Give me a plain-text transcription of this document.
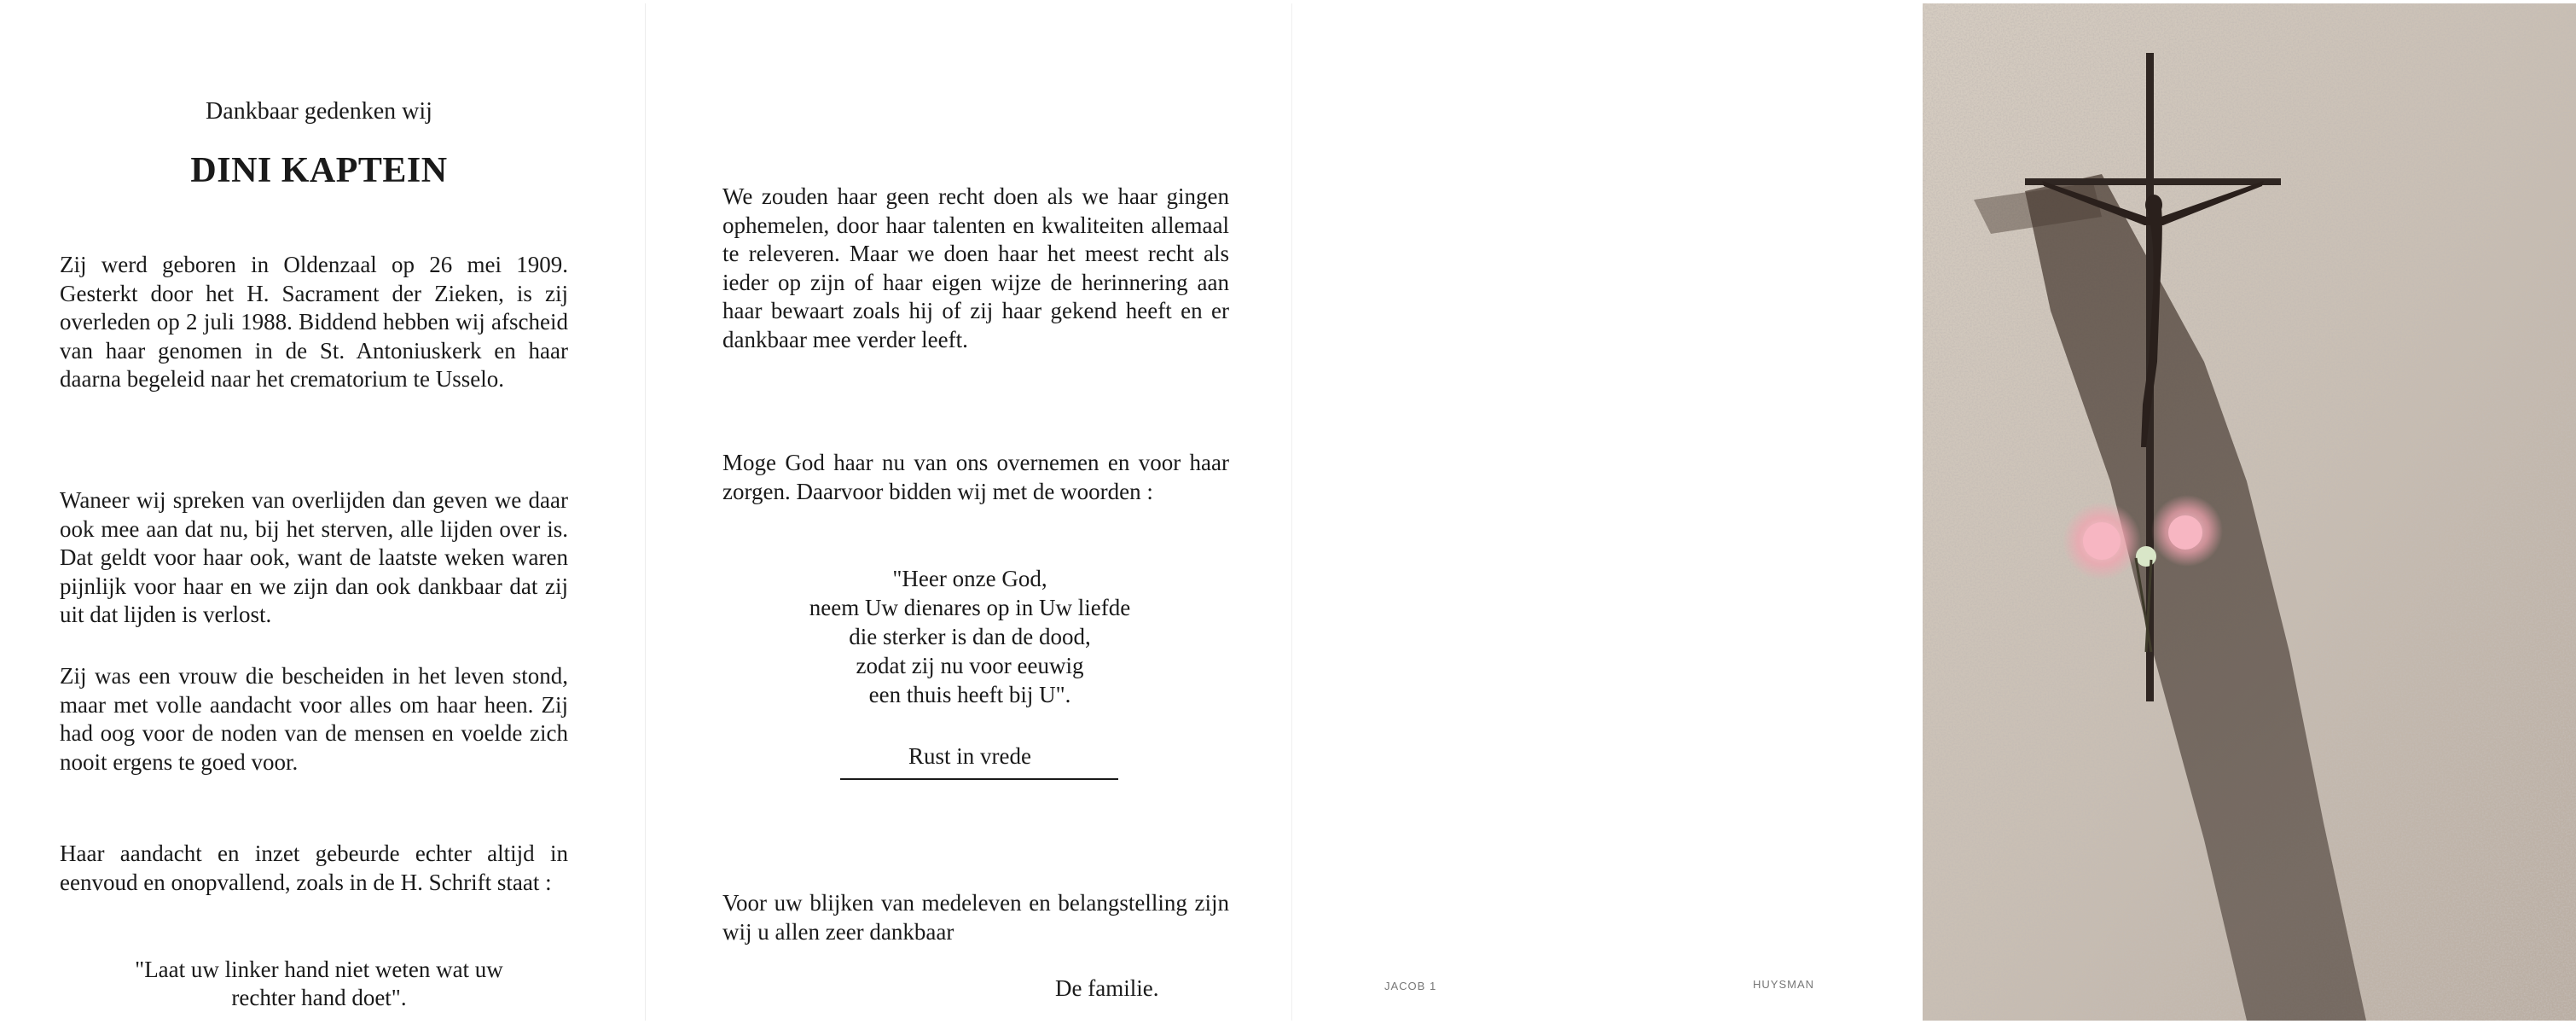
Dankbaar gedenken wij
DINI KAPTEIN
Zij werd geboren in Oldenzaal op 26 mei 1909. Gesterkt door het H. Sacrament der Zieken, is zij overleden op 2 juli 1988. Biddend hebben wij afscheid van haar genomen in de St. Antoniuskerk en haar daarna begeleid naar het crematorium te Usselo.
Waneer wij spreken van overlijden dan geven we daar ook mee aan dat nu, bij het sterven, alle lijden over is. Dat geldt voor haar ook, want de laatste weken waren pijnlijk voor haar en we zijn dan ook dankbaar dat zij uit dat lijden is verlost.
Zij was een vrouw die bescheiden in het leven stond, maar met volle aandacht voor alles om haar heen. Zij had oog voor de noden van de mensen en voelde zich nooit ergens te goed voor.
Haar aandacht en inzet gebeurde echter altijd in eenvoud en onopvallend, zoals in de H. Schrift staat :
"Laat uw linker hand niet weten wat uw
rechter hand doet".
We zouden haar geen recht doen als we haar gingen ophemelen, door haar talenten en kwaliteiten allemaal te releveren. Maar we doen haar het meest recht als ieder op zijn of haar eigen wijze de herinnering aan haar bewaart zoals hij of zij haar gekend heeft en er dankbaar mee verder leeft.
Moge God haar nu van ons overnemen en voor haar zorgen. Daarvoor bidden wij met de woorden :
"Heer onze God,
neem Uw dienares op in Uw liefde
die sterker is dan de dood,
zodat zij nu voor eeuwig
een thuis heeft bij U".
Rust in vrede
Voor uw blijken van medeleven en belangstelling zijn wij u allen zeer dankbaar
De familie.	JACOB 1	HUYSMAN
